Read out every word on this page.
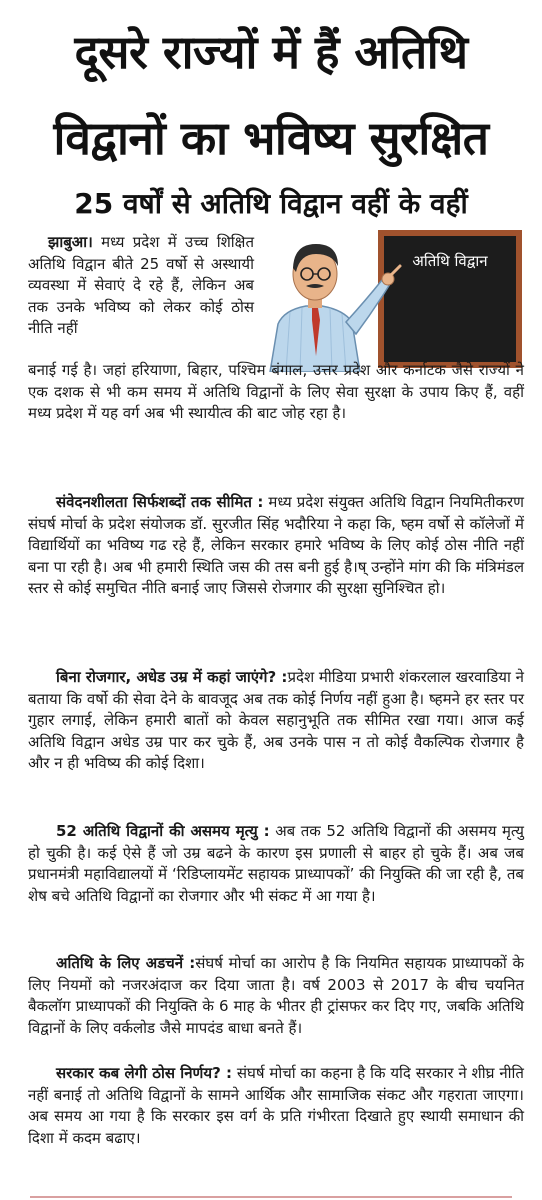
दूसरे राज्यों में हैं अतिथि
विद्वानों का भविष्य सुरक्षित
25 वर्षों से अतिथि विद्वान वहीं के वहीं
अतिथि विद्वान

झाबुआ। मध्य प्रदेश में उच्च शिक्षित अतिथि विद्वान बीते 25 वर्षो से अस्थायी व्यवस्था में सेवाएं दे रहे हैं, लेकिन अब तक उनके भविष्य को लेकर कोई ठोस नीति नहीं

बनाई गई है। जहां हरियाणा, बिहार, पश्चिम बंगाल, उत्तर प्रदेश और कर्नाटक जैसे राज्यों ने एक दशक से भी कम समय में अतिथि विद्वानों के लिए सेवा सुरक्षा के उपाय किए हैं, वहीं मध्य प्रदेश में यह वर्ग अब भी स्थायीत्व की बाट जोह रहा है।

संवेदनशीलता सिर्फशब्दों तक सीमित : मध्य प्रदेश संयुक्त अतिथि विद्वान नियमितीकरण संघर्ष मोर्चा के प्रदेश संयोजक डॉ. सुरजीत सिंह भदौरिया ने कहा कि, ष्हम वर्षो से कॉलेजों में विद्यार्थियों का भविष्य गढ रहे हैं, लेकिन सरकार हमारे भविष्य के लिए कोई ठोस नीति नहीं बना पा रही है। अब भी हमारी स्थिति जस की तस बनी हुई है।ष् उन्होंने मांग की कि मंत्रिमंडल स्तर से कोई समुचित नीति बनाई जाए जिससे रोजगार की सुरक्षा सुनिश्चित हो।

बिना रोजगार, अधेड उम्र में कहां जाएंगे? :प्रदेश मीडिया प्रभारी शंकरलाल खरवाडिया ने बताया कि वर्षो की सेवा देने के बावजूद अब तक कोई निर्णय नहीं हुआ है। ष्हमने हर स्तर पर गुहार लगाई, लेकिन हमारी बातों को केवल सहानुभूति तक सीमित रखा गया। आज कई अतिथि विद्वान अधेड उम्र पार कर चुके हैं, अब उनके पास न तो कोई वैकल्पिक रोजगार है और न ही भविष्य की कोई दिशा।

52 अतिथि विद्वानों की असमय मृत्यु : अब तक 52 अतिथि विद्वानों की असमय मृत्यु हो चुकी है। कई ऐसे हैं जो उम्र बढने के कारण इस प्रणाली से बाहर हो चुके हैं। अब जब प्रधानमंत्री महाविद्यालयों में ‘रिडिप्लायमेंट सहायक प्राध्यापकों’ की नियुक्ति की जा रही है, तब शेष बचे अतिथि विद्वानों का रोजगार और भी संकट में आ गया है।

अतिथि के लिए अडचनें :संघर्ष मोर्चा का आरोप है कि नियमित सहायक प्राध्यापकों के लिए नियमों को नजरअंदाज कर दिया जाता है। वर्ष 2003 से 2017 के बीच चयनित बैकलॉग प्राध्यापकों की नियुक्ति के 6 माह के भीतर ही ट्रांसफर कर दिए गए, जबकि अतिथि विद्वानों के लिए वर्कलोड जैसे मापदंड बाधा बनते हैं।

सरकार कब लेगी ठोस निर्णय? : संघर्ष मोर्चा का कहना है कि यदि सरकार ने शीघ्र नीति नहीं बनाई तो अतिथि विद्वानों के सामने आर्थिक और सामाजिक संकट और गहराता जाएगा। अब समय आ गया है कि सरकार इस वर्ग के प्रति गंभीरता दिखाते हुए स्थायी समाधान की दिशा में कदम बढाए।
